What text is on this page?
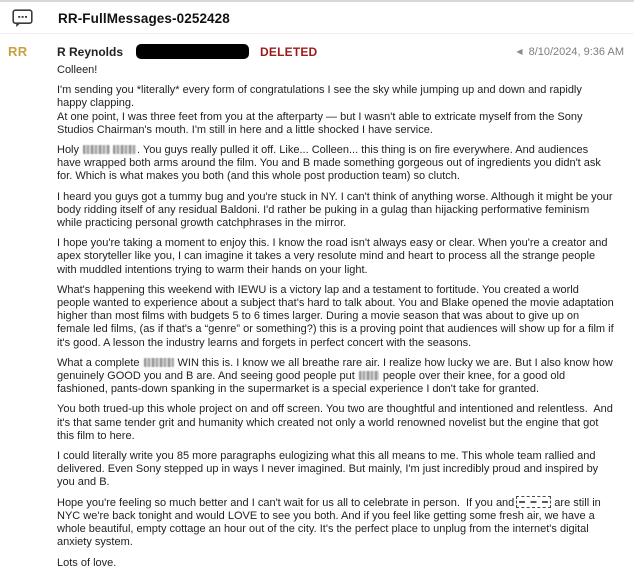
RR-FullMessages-0252428
RR	R Reynolds	DELETED	◀ 8/10/2024, 9:36 AM

Colleen!

I'm sending you *literally* every form of congratulations I see the sky while jumping up and down and rapidly happy clapping.

At one point, I was three feet from you at the afterparty — but I wasn't able to extricate myself from the Sony Studios Chairman's mouth. I'm still in here and a little shocked I have service.

Holy	. You guys really pulled it off. Like... Colleen... this thing is on fire everywhere. And audiences have wrapped both arms around the film. You and B made something gorgeous out of ingredients you didn't ask for. Which is what makes you both (and this whole post production team) so clutch.

I heard you guys got a tummy bug and you're stuck in NY. I can't think of anything worse. Although it might be your body ridding itself of any residual Baldoni. I'd rather be puking in a gulag than hijacking performative feminism while practicing personal growth catchphrases in the mirror.

I hope you're taking a moment to enjoy this. I know the road isn't always easy or clear. When you're a creator and apex storyteller like you, I can imagine it takes a very resolute mind and heart to process all the strange people with muddled intentions trying to warm their hands on your light.

What's happening this weekend with IEWU is a victory lap and a testament to fortitude. You created a world people wanted to experience about a subject that's hard to talk about. You and Blake opened the movie adaptation higher than most films with budgets 5 to 6 times larger. During a movie season that was about to give up on female led films, (as if that's a “genre” or something?) this is a proving point that audiences will show up for a film if it's good. A lesson the industry learns and forgets in perfect concert with the seasons.

What a complete	WIN this is. I know we all breathe rare air. I realize how lucky we are. But I also know how genuinely GOOD you and B are. And seeing good people put	people over their knee, for a good old fashioned, pants-down spanking in the supermarket is a special experience I don't take for granted.

You both trued-up this whole project on and off screen. You two are thoughtful and intentioned and relentless.  And it's that same tender grit and humanity which created not only a world renowned novelist but the engine that got this film to here.

I could literally write you 85 more paragraphs eulogizing what this all means to me. This whole team rallied and delivered. Even Sony stepped up in ways I never imagined. But mainly, I'm just incredibly proud and inspired by you and B.

Hope you're feeling so much better and I can't wait for us all to celebrate in person.  If you and	are still in NYC we're back tonight and would LOVE to see you both. And if you feel like getting some fresh air, we have a whole beautiful, empty cottage an hour out of the city. It's the perfect place to unplug from the internet's digital anxiety system.

Lots of love.
